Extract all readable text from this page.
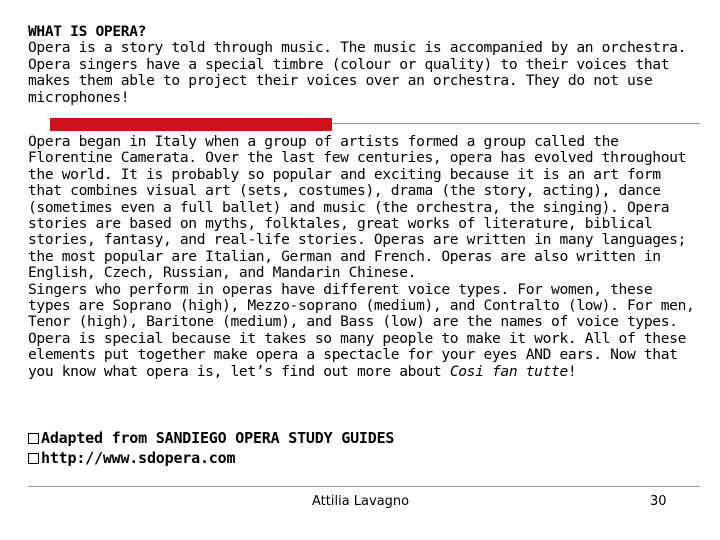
WHAT IS OPERA?

Opera is a story told through music. The music is accompanied by an orchestra. Opera singers have a special timbre (colour or quality) to their voices that makes them able to project their voices over an orchestra. They do not use microphones!

Opera began in Italy when a group of artists formed a group called the Florentine Camerata. Over the last few centuries, opera has evolved throughout the world. It is probably so popular and exciting because it is an art form that combines visual art (sets, costumes), drama (the story, acting), dance (sometimes even a full ballet) and music (the orchestra, the singing). Opera stories are based on myths, folktales, great works of literature, biblical stories, fantasy, and real-life stories. Operas are written in many languages; the most popular are Italian, German and French. Operas are also written in English, Czech, Russian, and Mandarin Chinese.

Singers who perform in operas have different voice types. For women, these types are Soprano (high), Mezzo-soprano (medium), and Contralto (low). For men, Tenor (high), Baritone (medium), and Bass (low) are the names of voice types.

Opera is special because it takes so many people to make it work. All of these elements put together make opera a spectacle for your eyes AND ears. Now that you know what opera is, let’s find out more about Cosi fan tutte!

Adapted from SANDIEGO OPERA STUDY GUIDES
http://www.sdopera.com
Attilia Lavagno	30
